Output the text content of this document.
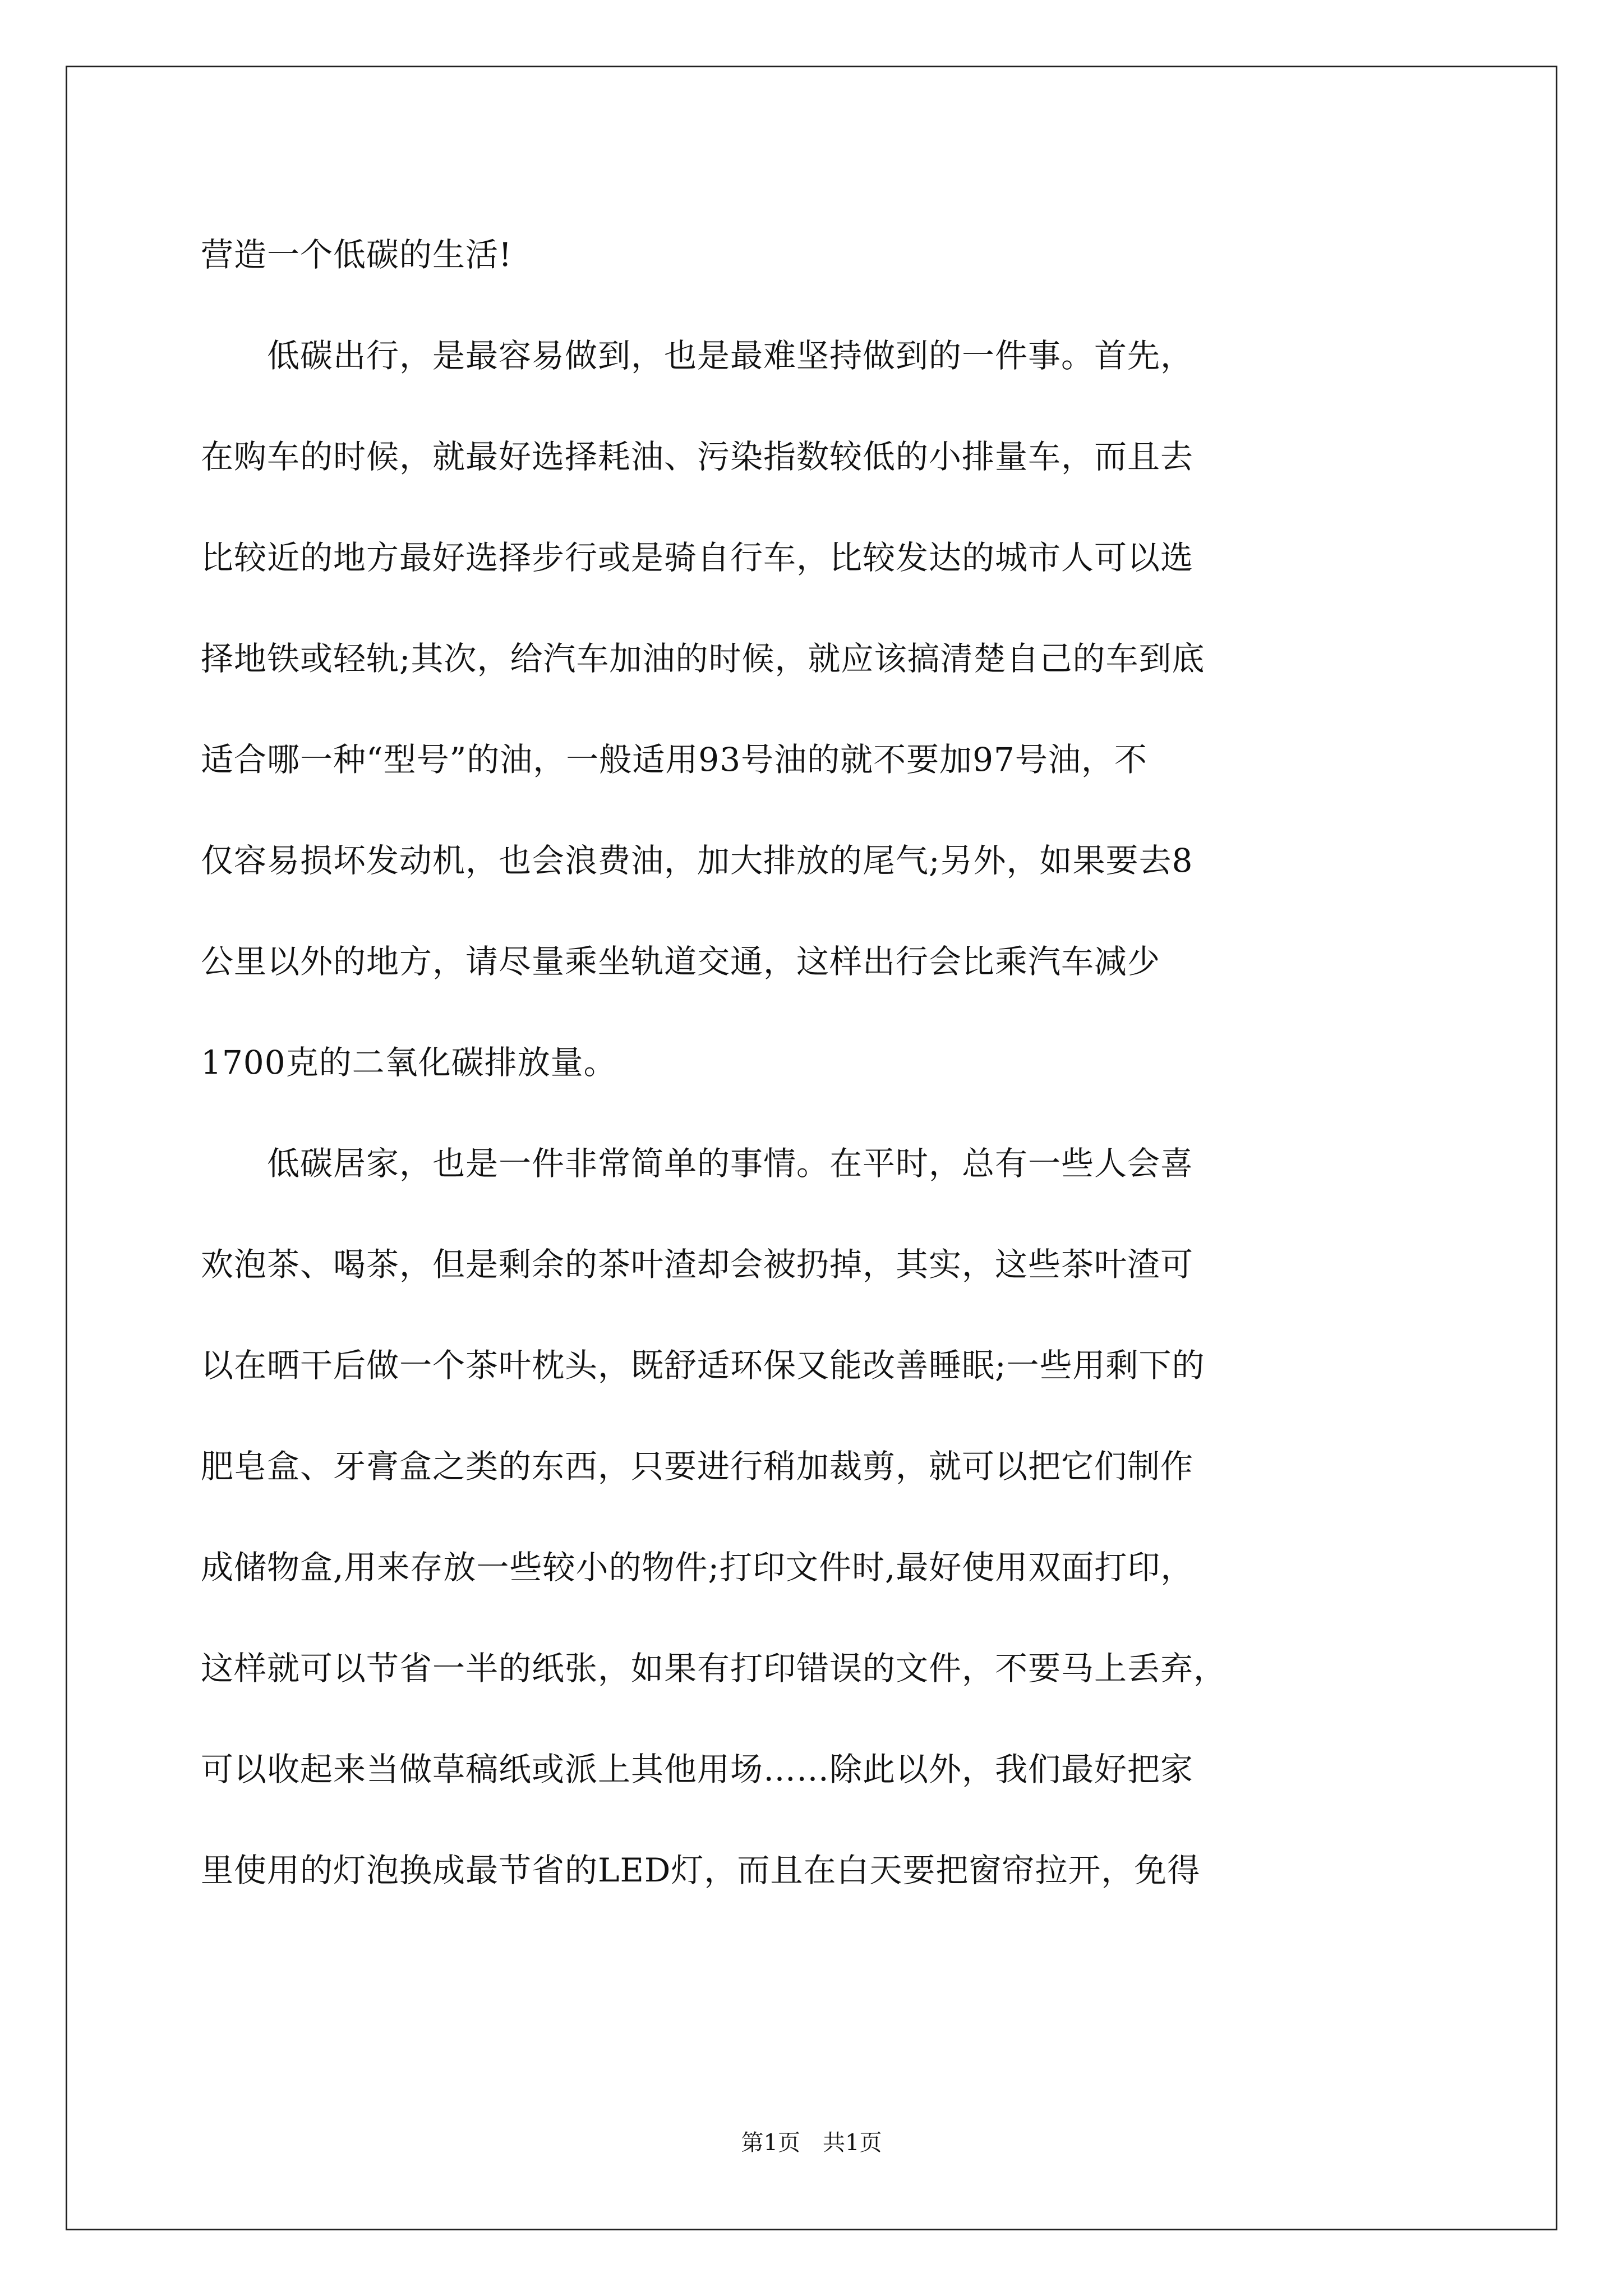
营造一个低碳的生活!
　　低碳出行，是最容易做到，也是最难坚持做到的一件事。首先，
在购车的时候，就最好选择耗油、污染指数较低的小排量车，而且去
比较近的地方最好选择步行或是骑自行车，比较发达的城市人可以选
择地铁或轻轨;其次，给汽车加油的时候，就应该搞清楚自己的车到底
适合哪一种“型号”的油，一般适用93号油的就不要加97号油，不
仅容易损坏发动机，也会浪费油，加大排放的尾气;另外，如果要去8
公里以外的地方，请尽量乘坐轨道交通，这样出行会比乘汽车减少
1700克的二氧化碳排放量。
　　低碳居家，也是一件非常简单的事情。在平时，总有一些人会喜
欢泡茶、喝茶，但是剩余的茶叶渣却会被扔掉，其实，这些茶叶渣可
以在晒干后做一个茶叶枕头，既舒适环保又能改善睡眠;一些用剩下的
肥皂盒、牙膏盒之类的东西，只要进行稍加裁剪，就可以把它们制作
成储物盒,用来存放一些较小的物件;打印文件时,最好使用双面打印，
这样就可以节省一半的纸张，如果有打印错误的文件，不要马上丢弃，
可以收起来当做草稿纸或派上其他用场……除此以外，我们最好把家
里使用的灯泡换成最节省的LED灯，而且在白天要把窗帘拉开，免得
第1页　共1页
